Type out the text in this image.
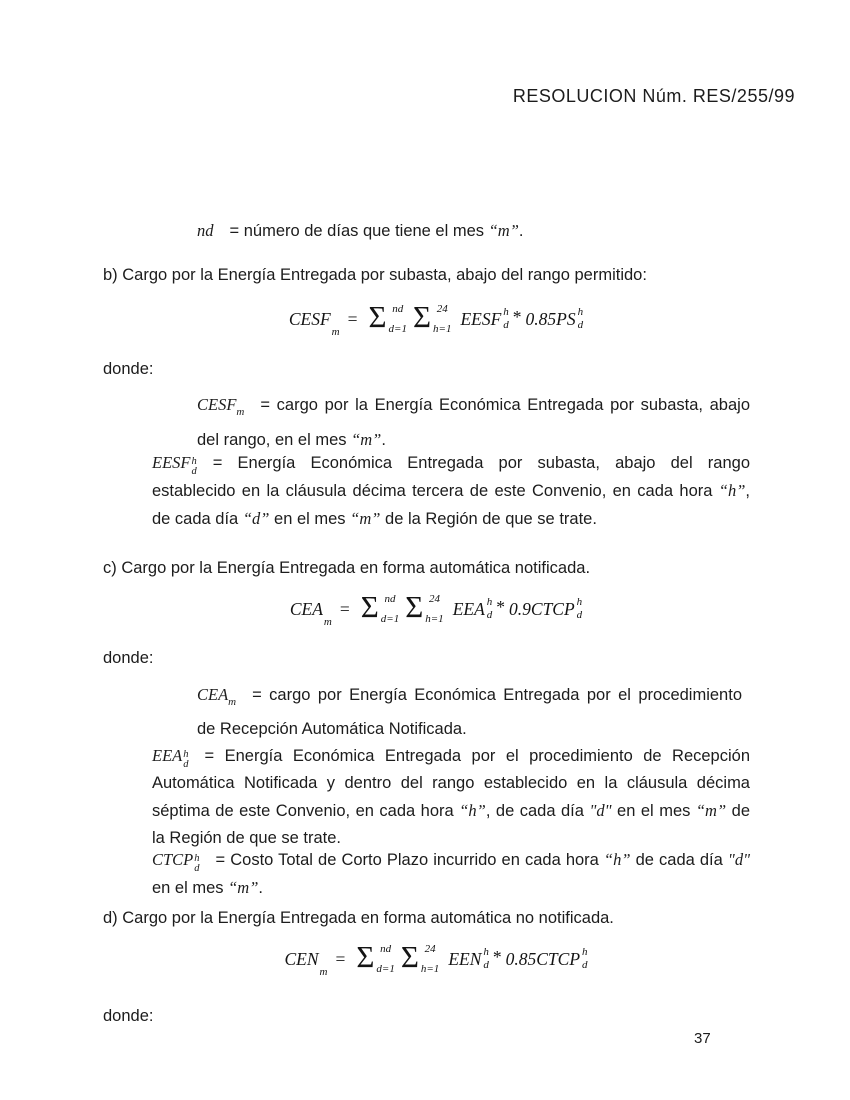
RESOLUCION Núm. RES/255/99
nd = número de días que tiene el mes “m”.
b) Cargo por la Energía Entregada por subasta, abajo del rango permitido:
CESF
m
= Σ nd
d=1 Σ 24
h=1
EESF h
d * 0.85 PS h
d
donde:
$CESF_m$ = cargo por la Energía Económica Entregada por subasta, abajo del rango, en el mes “m”.
EESF h
d = Energía Económica Entregada por subasta, abajo del rango establecido en la cláusula décima tercera de este Convenio, en cada hora “h”, de cada día “d” en el mes “m” de la Región de que se trate.
c) Cargo por la Energía Entregada en forma automática notificada.
CEA
m
= Σ nd
d=1 Σ 24
h=1
EEA h
d * 0.9 CTCP h
d
donde:
$CEA_m$ = cargo por Energía Económica Entregada por el procedimiento de Recepción Automática Notificada.
EEA h
d = Energía Económica Entregada por el procedimiento de Recepción Automática Notificada y dentro del rango establecido en la cláusula décima séptima de este Convenio, en cada hora “h”, de cada día "d" en el mes “m” de la Región de que se trate.
CTCP h
d = Costo Total de Corto Plazo incurrido en cada hora “h” de cada día "d" en el mes “m”.
d) Cargo por la Energía Entregada en forma automática no notificada.
CEN
m
= Σ nd
d=1 Σ 24
h=1
EEN h
d * 0.85 CTCP h
d
donde:
37
